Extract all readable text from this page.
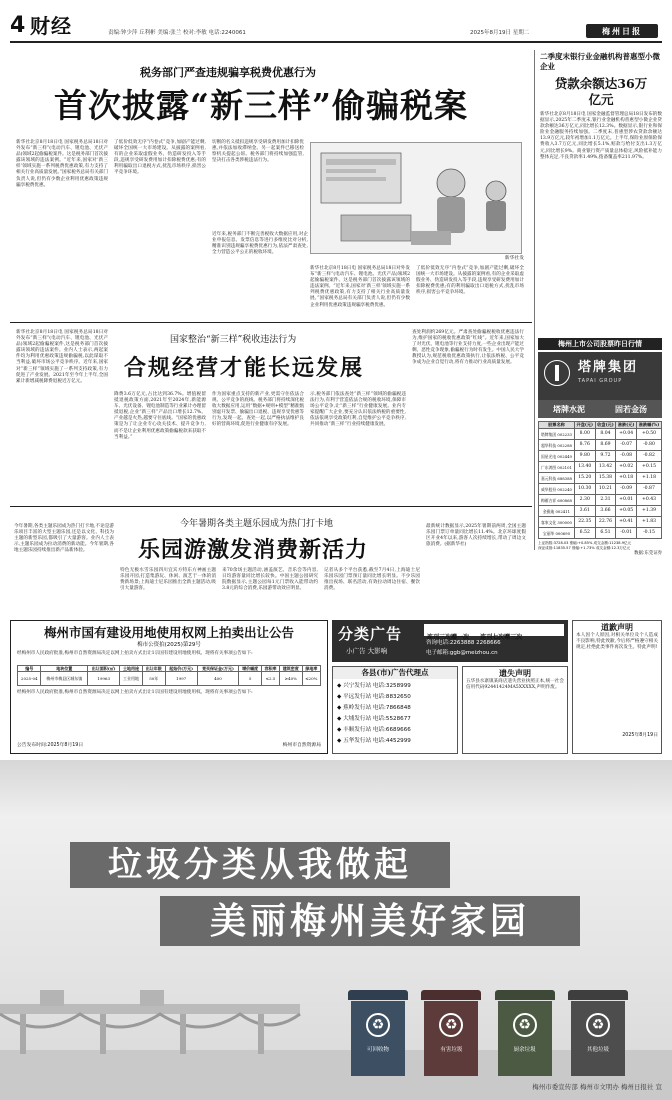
4 财经	责编:钟少萍 丘利彬 美编:张兰 校对:李敏 电话:2240061	2025年8月19日 星期二	梅州日报
税务部门严查违规骗享税费优惠行为
首次披露“新三样”偷骗税案
新华社北京8月18日电 国家税务总局18日对外发布“新三样”(电动汽车、锂电池、光伏产品)领域2起偷骗税案件。这是税务部门首次披露该领域的违法案例。“近年来,国家对‘新三样’领域实施一系列税费优惠政策,有力支持了相关行业高质量发展。”国家税务总局有关部门负责人说,但仍有少数企业利用优惠政策违规骗享税费优惠。
了低价低效无序“内卷式”竞争,加剧产能过剩,破坏全国统一大市场建设。从披露的案例看,有的企业采取虚假业务、伪造研发投入等手段,违规享受研发费用加计扣除税费优惠;有的利用骗取出口退税方式,扰乱市场秩序,损害公平竞争环境。
切断的名义抵扣违规享受研发费用加计扣除优惠,并依法加收滞纳金。另一起案件已移送检察机关提起公诉。税务部门将持续加强监管,坚决打击各类涉税违法行为。
新华社发
近年来,税务部门不断完善税收大数据应用,对企业申报信息、发票信息等进行多维度比对分析,精准识别违规骗享税费优惠行为,依法严肃查处,全力营造公平公正的税收环境。
新华社北京8月18日电 国家税务总局18日对外发布“新三样”(电动汽车、锂电池、光伏产品)领域2起偷骗税案件。这是税务部门首次披露该领域的违法案例。“近年来,国家对‘新三样’领域实施一系列税费优惠政策,有力支持了相关行业高质量发展。”国家税务总局有关部门负责人说,但仍有少数企业利用优惠政策违规骗享税费优惠。
了低价低效无序“内卷式”竞争,加剧产能过剩,破坏全国统一大市场建设。从披露的案例看,有的企业采取虚假业务、伪造研发投入等手段,违规享受研发费用加计扣除税费优惠;有的利用骗取出口退税方式,扰乱市场秩序,损害公平竞争环境。
二季度末银行业金融机构普惠型小微企业
贷款余额达36万亿元
新华社北京8月18日电 国家金融监督管理总局18日发布的数据显示,2025年二季度末,银行业金融机构普惠型小微企业贷款余额达36万亿元,同比增长12.3%。数据显示,银行业和保险业金融服务持续加强。二季度末,普惠型涉农贷款余额达13.9万亿元,较年初增加1.1万亿元。上半年,保险业原保险保费收入3.7万亿元,同比增长5.1%,赔款与给付支出1.3万亿元,同比增长9%。商业银行资产质量总体稳定,风险抵补能力整体充足,不良贷款率1.49%,拨备覆盖率211.97%。
新华社北京8月18日电 国家税务总局18日对外发布“新三样”(电动汽车、锂电池、光伏产品)领域2起偷骗税案件,这是税务部门首次披露该领域的违法案件。业内人士表示,两起案件均为利用优惠政策违规偷骗税,以此谋取不当利益,破坏市场公平竞争秩序。近年来,国家对“新三样”领域实施了一系列支持政策,有力促进了产业发展。2021年至今年上半年,全国累计新增减税降费退税近万亿元。
国家整治“新三样”税收违法行为
合规经营才能长远发展
降费3.6万亿元,占比达到36.7%。增值税留抵退税政策方面,2021年至2024年,新能源车、光伏设备、锂电池制造等行业累计办理留抵退税,企业“新三样”产品出口增长12.7%。产业越是火热,越要守住底线。“国家的优惠政策是为了让企业专心攻关技术、提升竞争力,而不是让企业利用优惠政策偷骗税款来获取不当利益。”
作为国家重点支持的新产业,更需守住依法合规、公平竞争的底线。税务部门将持续深化税收大数据应用,运用“数据+规则+模型”精准甄别虚开发票、偷骗出口退税、违规享受优惠等行为,发现一起、查处一起,以严格执法维护良好的营商环境,促进行业健康有序发展。
示,税务部门依法查处“新三样”领域的偷骗税违法行为,有利于营造依法合规的税收环境,保障市场公平竞争,让“新三样”行业健康发展。业内专家提醒广大企业,要充分认识依法纳税的重要性,依法依规享受政策红利,自觉维护公平竞争秩序,共同推动“新三样”行业持续健康发展。
查处利润约269亿元。严肃查处偷骗税税收优惠违法行为,维护国家的税收优惠政策“红线”。近年来,国家加大了对光伏、锂电池等行业支持力度,一些企业出现产能过剩、恶性竞争现象,偷骗税行为时有发生。中国人民大学教授认为,规范税收优惠政策执行,让依法纳税、公平竞争成为企业自觉行动,将有力推动行业高质量发展。
梅州上市公司股票昨日行情
塔牌集团
TAPAI GROUP
塔牌水泥	固若金汤
股票名称	开盘(元)	收盘(元)	涨跌(元)	涨跌幅(%)
塔牌集团 002233	8.00	8.04	+0.04	+0.50
超华科技 002288	8.76	8.69	-0.07	-0.80
国星光电 002449	9.80	9.72	-0.08	-0.82
广东鸿图 002101	13.40	13.42	+0.02	+0.15
嘉元科技 688388	15.20	15.38	+0.18	+1.18
威华股份 002240	10.30	10.21	-0.09	-0.87
梅雁吉祥 600868	2.30	2.31	+0.01	+0.43
金雅迪 002411	3.61	3.66	+0.05	+1.39
客家文化 300000	22.35	22.76	+0.41	+1.83
宝丽华 000690	6.52	6.51	-0.01	-0.15
上证指数:3728.03 涨幅:+0.85% 成交金额:11238.9亿元
深证成指:11835.57 涨幅:+1.73% 成交金额:12.3万亿元
数据:东莞证券
今年暑期,各类主题乐园成为热门打卡地,不论是游乐项目丰富的大型主题乐园,还是以文化、科技为主题的新型乐园,都吸引了大量游客。业内人士表示,主题乐园成为拉动消费的新动能。今年暑期,各地主题乐园持续推出新产品新体验。
今年暑期各类主题乐园成为热门打卡地
乐园游激发消费新活力
特色无极水雪乐园四川宜宾方特东方神画主题乐园开园,打造集游玩、休闲、演艺于一体的消费新场景;上海迪士尼乐园推出全新主题活动,吸引大量游客。
来70余场主题活动,涵盖演艺、音乐会等内容,日均游客量同比增长较快。中国主题公园研究院数据显示,主题公园每1元门票收入能带动约3.8元的综合消费,乐园游带动效应明显。
记者从多个平台获悉,截至7月4日,上海迪士尼乐园乐园门票预订量同比增长明显。不少乐园推出夜场、联名活动,有效拉动周边住宿、餐饮消费。
最新统计数据显示,2025年暑期前两周,全国主题乐园门票订单量同比增长11.4%。北京环球度假区开业4年以来,游客人次持续增长,带动了周边文旅消费。(据新华社)
梅州市国有建设用地使用权网上拍卖出让公告
梅市公资拍(2025)第29号
经梅州市人民政府批准,梅州市自然资源局决定以网上拍卖方式出让1宗国有建设用地使用权。现将有关事项公告如下:
编号	地块位置	出让面积(㎡)	土地用途	出让年限	起始价(万元)	竞买保证金(万元)	增价幅度	容积率	建筑密度	绿地率
2025-04	梅州市梅县区城东镇	19963	工业用地	50年	1997	400	5	≤2.5	≥40%	≤20%
经梅州市人民政府批准,梅州市自然资源局决定以网上拍卖方式出让1宗国有建设用地使用权。现将有关事项公告如下:
公告发布时间:2025年8月19日	梅州市自然资源局
分类广告
小广告 大影响
连刊三次赠一次 连刊七次赠三次
咨询电话:2263888 2268666
电子邮箱:ggb@meizhou.cn
各县(市)广告代理点
◆ 兴宁发行站 电话:3258999
◆ 平远发行站 电话:8832650
◆ 蕉岭发行站 电话:7866848
◆ 大埔发行站 电话:5528677
◆ 丰顺发行站 电话:6689666
◆ 五华发行站 电话:4452999
遗失声明
五华县水寨镇某商店遗失营业执照正本,统一社会信用代码92441424MA5XXXXX,声明作废。
道歉声明
本人因个人原因,对相关单位及个人造成不良影响,特此致歉,今后将严格遵守相关规定,杜绝此类事件再次发生。特此声明!
2025年8月19日
垃圾分类从我做起
美丽梅州美好家园
♻
可回收物
♻
有害垃圾
♻
厨余垃圾
♻
其他垃圾
梅州市委宣传部 梅州市文明办 梅州日报社 宣
